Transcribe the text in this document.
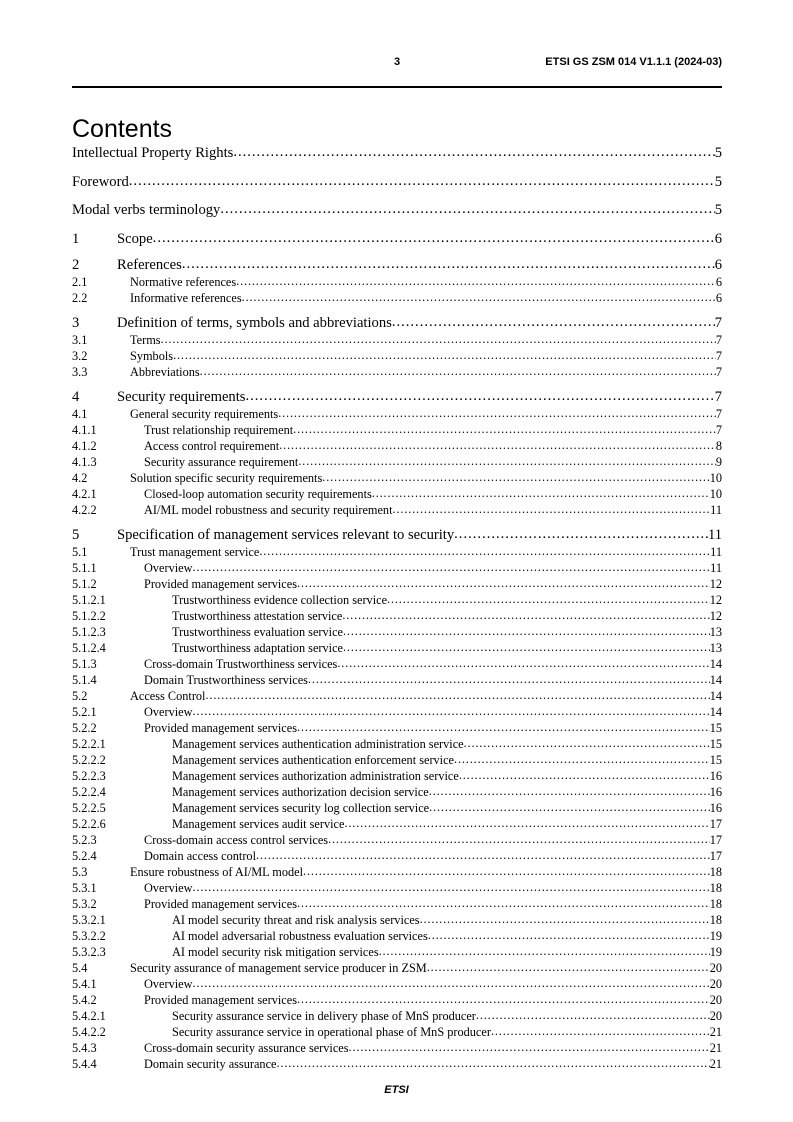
3	ETSI GS ZSM 014 V1.1.1 (2024-03)
Contents
Intellectual Property Rights .....	5
Foreword .....	5
Modal verbs terminology .....	5
1	Scope .....	6
2	References .....	6
2.1	Normative references .....	6
2.2	Informative references .....	6
3	Definition of terms, symbols and abbreviations .....	7
3.1	Terms .....	7
3.2	Symbols .....	7
3.3	Abbreviations .....	7
4	Security requirements .....	7
4.1	General security requirements .....	7
4.1.1	Trust relationship requirement .....	7
4.1.2	Access control requirement .....	8
4.1.3	Security assurance requirement .....	9
4.2	Solution specific security requirements .....	10
4.2.1	Closed-loop automation security requirements .....	10
4.2.2	AI/ML model robustness and security requirement .....	11
5	Specification of management services relevant to security .....	11
5.1	Trust management service .....	11
5.1.1	Overview .....	11
5.1.2	Provided management services .....	12
5.1.2.1	Trustworthiness evidence collection service .....	12
5.1.2.2	Trustworthiness attestation service .....	12
5.1.2.3	Trustworthiness evaluation service .....	13
5.1.2.4	Trustworthiness adaptation service .....	13
5.1.3	Cross-domain Trustworthiness services .....	14
5.1.4	Domain Trustworthiness services .....	14
5.2	Access Control .....	14
5.2.1	Overview .....	14
5.2.2	Provided management services .....	15
5.2.2.1	Management services authentication administration service .....	15
5.2.2.2	Management services authentication enforcement service .....	15
5.2.2.3	Management services authorization administration service .....	16
5.2.2.4	Management services authorization decision service .....	16
5.2.2.5	Management services security log collection service .....	16
5.2.2.6	Management services audit service .....	17
5.2.3	Cross-domain access control services .....	17
5.2.4	Domain access control .....	17
5.3	Ensure robustness of AI/ML model .....	18
5.3.1	Overview .....	18
5.3.2	Provided management services .....	18
5.3.2.1	AI model security threat and risk analysis services .....	18
5.3.2.2	AI model adversarial robustness evaluation services .....	19
5.3.2.3	AI model security risk mitigation services .....	19
5.4	Security assurance of management service producer in ZSM .....	20
5.4.1	Overview .....	20
5.4.2	Provided management services .....	20
5.4.2.1	Security assurance service in delivery phase of MnS producer .....	20
5.4.2.2	Security assurance service in operational phase of MnS producer .....	21
5.4.3	Cross-domain security assurance services .....	21
5.4.4	Domain security assurance .....	21
ETSI
